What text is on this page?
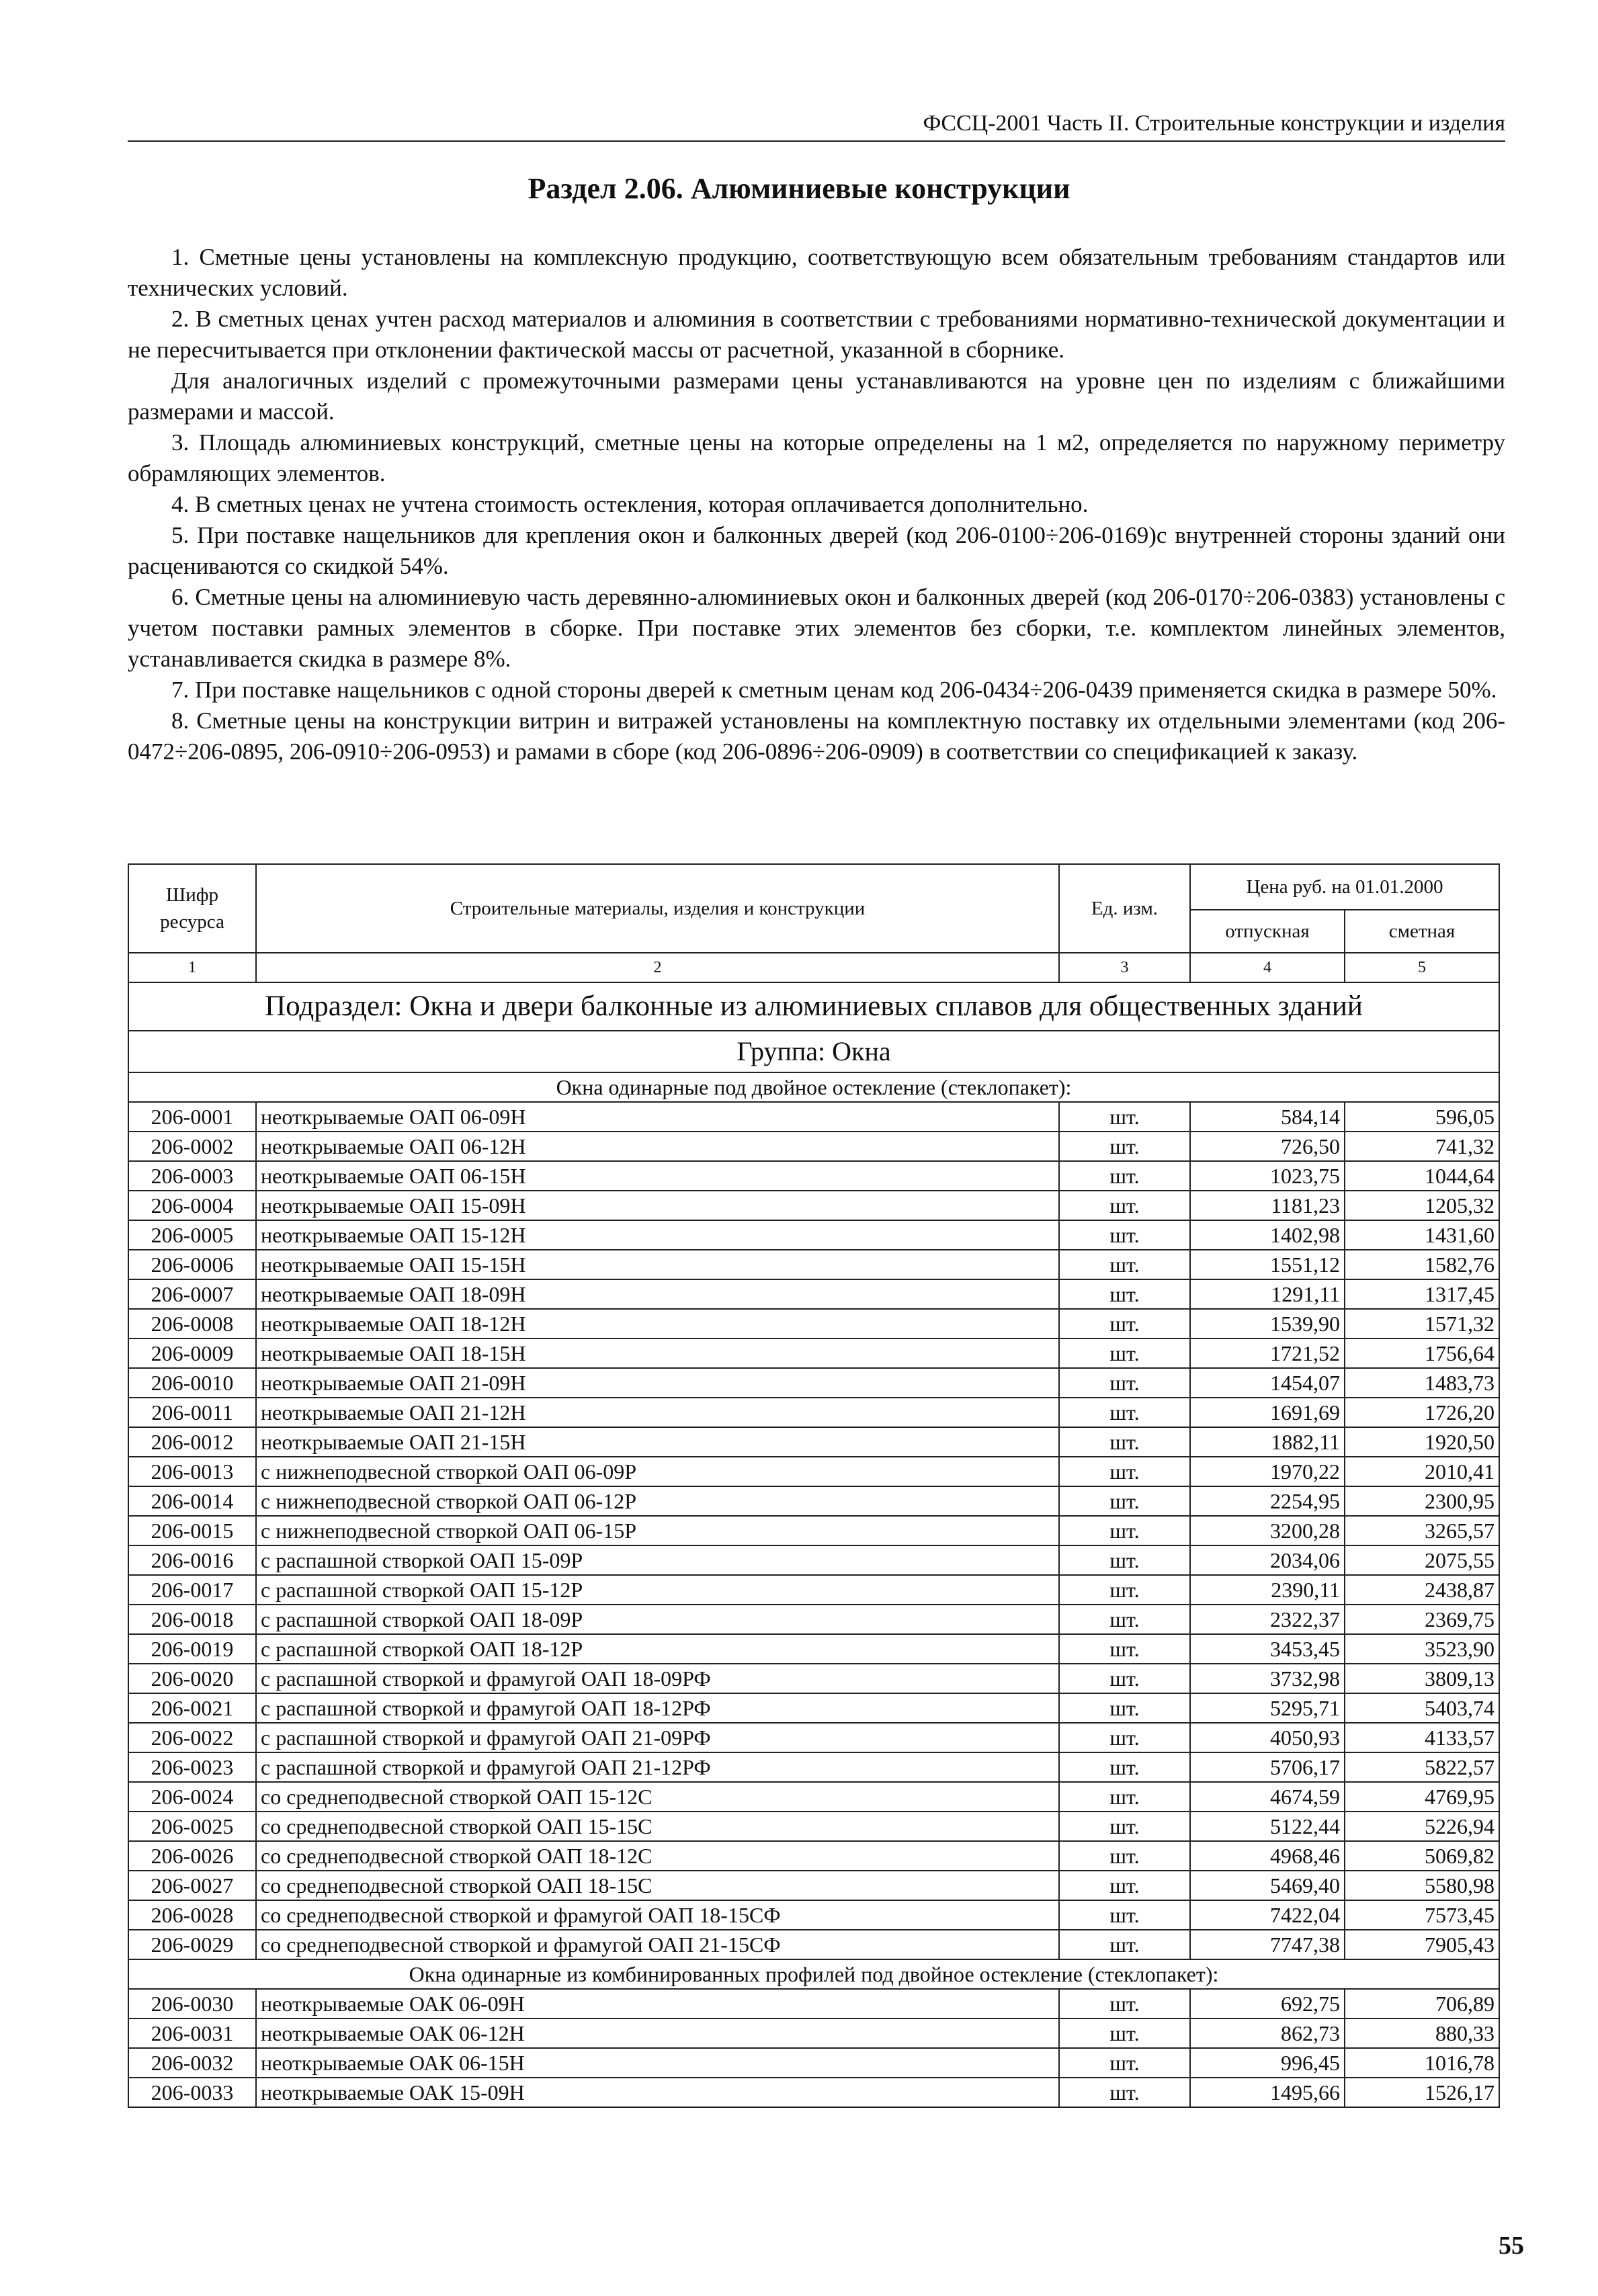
ФССЦ-2001 Часть II. Строительные конструкции и изделия
Раздел 2.06. Алюминиевые конструкции

1. Сметные цены установлены на комплексную продукцию, соответствующую всем обязательным требованиям стандартов или технических условий.

2. В сметных ценах учтен расход материалов и алюминия в соответствии с требованиями нормативно-технической документации и не пересчитывается при отклонении фактической массы от расчетной, указанной в сборнике.

Для аналогичных изделий с промежуточными размерами цены устанавливаются на уровне цен по изделиям с ближайшими размерами и массой.

3. Площадь алюминиевых конструкций, сметные цены на которые определены на 1 м2, определяется по наружному периметру обрамляющих элементов.

4. В сметных ценах не учтена стоимость остекления, которая оплачивается дополнительно.

5. При поставке нащельников для крепления окон и балконных дверей (код 206-0100÷206-0169)с внутренней стороны зданий они расцениваются со скидкой 54%.

6. Сметные цены на алюминиевую часть деревянно-алюминиевых окон и балконных дверей (код 206-0170÷206-0383) установлены с учетом поставки рамных элементов в сборке. При поставке этих элементов без сборки, т.е. комплектом линейных элементов, устанавливается скидка в размере 8%.

7. При поставке нащельников с одной стороны дверей к сметным ценам код 206-0434÷206-0439 применяется скидка в размере 50%.

8. Сметные цены на конструкции витрин и витражей установлены на комплектную поставку их отдельными элементами (код 206-0472÷206-0895, 206-0910÷206-0953) и рамами в сборе (код 206-0896÷206-0909) в соответствии со спецификацией к заказу.

Шифр ресурса	Строительные материалы, изделия и конструкции	Ед. изм.	Цена руб. на 01.01.2000	
			отпускная	сметная
1	2	3	4	5
Подраздел: Окна и двери балконные из алюминиевых сплавов для общественных зданий				
Группа: Окна				
Окна одинарные под двойное остекление (стеклопакет):				
206-0001	неоткрываемые ОАП 06-09Н	шт.	584,14	596,05
206-0002	неоткрываемые ОАП 06-12Н	шт.	726,50	741,32
206-0003	неоткрываемые ОАП 06-15Н	шт.	1023,75	1044,64
206-0004	неоткрываемые ОАП 15-09Н	шт.	1181,23	1205,32
206-0005	неоткрываемые ОАП 15-12Н	шт.	1402,98	1431,60
206-0006	неоткрываемые ОАП 15-15Н	шт.	1551,12	1582,76
206-0007	неоткрываемые ОАП 18-09Н	шт.	1291,11	1317,45
206-0008	неоткрываемые ОАП 18-12Н	шт.	1539,90	1571,32
206-0009	неоткрываемые ОАП 18-15Н	шт.	1721,52	1756,64
206-0010	неоткрываемые ОАП 21-09Н	шт.	1454,07	1483,73
206-0011	неоткрываемые ОАП 21-12Н	шт.	1691,69	1726,20
206-0012	неоткрываемые ОАП 21-15Н	шт.	1882,11	1920,50
206-0013	с нижнеподвесной створкой ОАП 06-09Р	шт.	1970,22	2010,41
206-0014	с нижнеподвесной створкой ОАП 06-12Р	шт.	2254,95	2300,95
206-0015	с нижнеподвесной створкой ОАП 06-15Р	шт.	3200,28	3265,57
206-0016	с распашной створкой ОАП 15-09Р	шт.	2034,06	2075,55
206-0017	с распашной створкой ОАП 15-12Р	шт.	2390,11	2438,87
206-0018	с распашной створкой ОАП 18-09Р	шт.	2322,37	2369,75
206-0019	с распашной створкой ОАП 18-12Р	шт.	3453,45	3523,90
206-0020	с распашной створкой и фрамугой ОАП 18-09РФ	шт.	3732,98	3809,13
206-0021	с распашной створкой и фрамугой ОАП 18-12РФ	шт.	5295,71	5403,74
206-0022	с распашной створкой и фрамугой ОАП 21-09РФ	шт.	4050,93	4133,57
206-0023	с распашной створкой и фрамугой ОАП 21-12РФ	шт.	5706,17	5822,57
206-0024	со среднеподвесной створкой ОАП 15-12С	шт.	4674,59	4769,95
206-0025	со среднеподвесной створкой ОАП 15-15С	шт.	5122,44	5226,94
206-0026	со среднеподвесной створкой ОАП 18-12С	шт.	4968,46	5069,82
206-0027	со среднеподвесной створкой ОАП 18-15С	шт.	5469,40	5580,98
206-0028	со среднеподвесной створкой и фрамугой ОАП 18-15СФ	шт.	7422,04	7573,45
206-0029	со среднеподвесной створкой и фрамугой ОАП 21-15СФ	шт.	7747,38	7905,43
Окна одинарные из комбинированных профилей под двойное остекление (стеклопакет):				
206-0030	неоткрываемые ОАК 06-09Н	шт.	692,75	706,89
206-0031	неоткрываемые ОАК 06-12Н	шт.	862,73	880,33
206-0032	неоткрываемые ОАК 06-15Н	шт.	996,45	1016,78
206-0033	неоткрываемые ОАК 15-09Н	шт.	1495,66	1526,17
55
